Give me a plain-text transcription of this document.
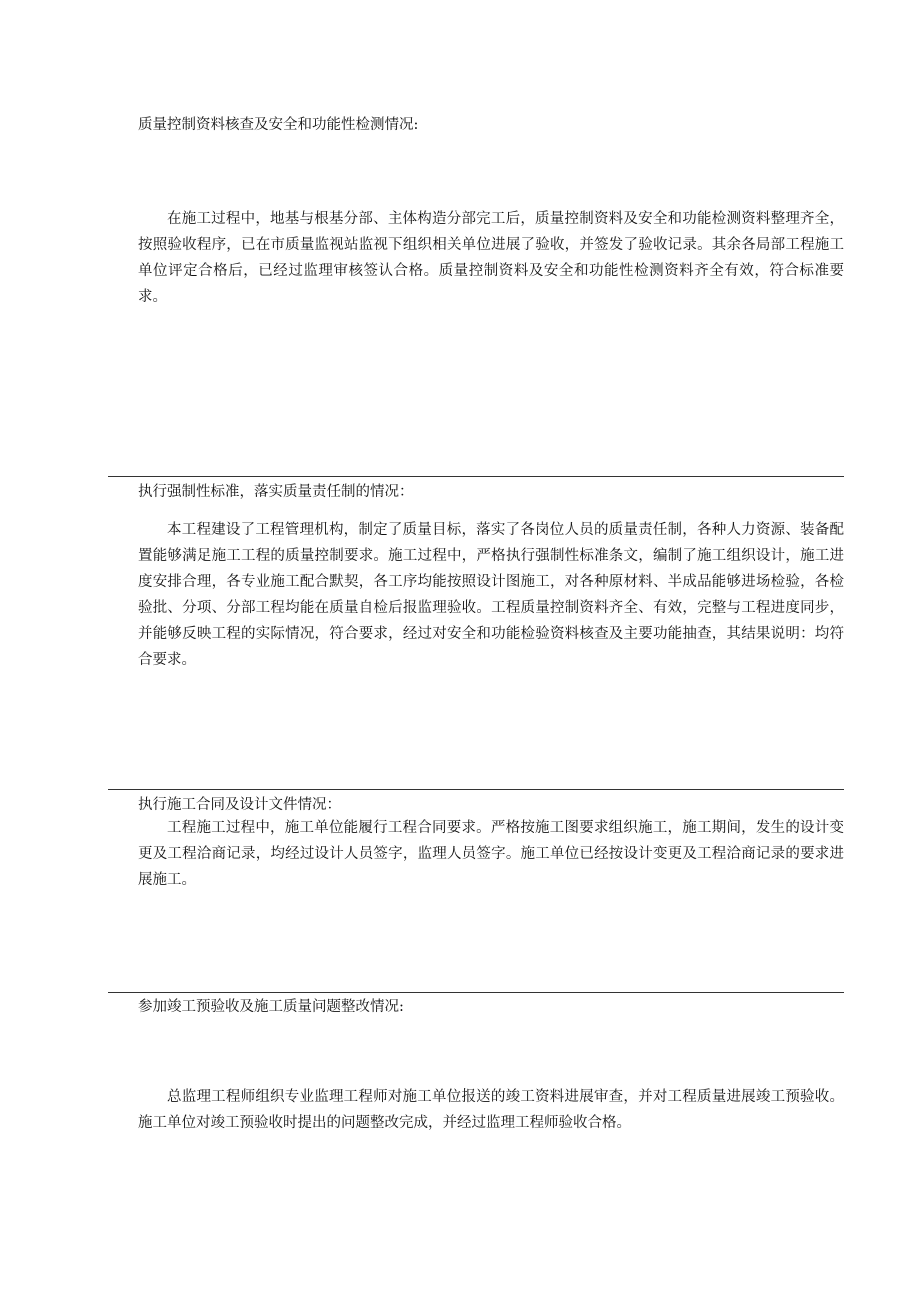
质量控制资料核查及安全和功能性检测情况:
在施工过程中，地基与根基分部、主体构造分部完工后，质量控制资料及安全和功能检测资料整理齐全，按照验收程序，已在市质量监视站监视下组织相关单位进展了验收，并签发了验收记录。其余各局部工程施工单位评定合格后，已经过监理审核签认合格。质量控制资料及安全和功能性检测资料齐全有效，符合标准要求。
执行强制性标准，落实质量责任制的情况：
本工程建设了工程管理机构，制定了质量目标，落实了各岗位人员的质量责任制，各种人力资源、装备配置能够满足施工工程的质量控制要求。施工过程中，严格执行强制性标准条文，编制了施工组织设计，施工进度安排合理，各专业施工配合默契，各工序均能按照设计图施工，对各种原材料、半成品能够进场检验，各检验批、分项、分部工程均能在质量自检后报监理验收。工程质量控制资料齐全、有效，完整与工程进度同步，并能够反映工程的实际情况，符合要求，经过对安全和功能检验资料核查及主要功能抽查，其结果说明：均符合要求。
执行施工合同及设计文件情况：
工程施工过程中，施工单位能履行工程合同要求。严格按施工图要求组织施工，施工期间，发生的设计变更及工程洽商记录，均经过设计人员签字，监理人员签字。施工单位已经按设计变更及工程洽商记录的要求进展施工。
参加竣工预验收及施工质量问题整改情况:
总监理工程师组织专业监理工程师对施工单位报送的竣工资料进展审查，并对工程质量进展竣工预验收。施工单位对竣工预验收时提出的问题整改完成，并经过监理工程师验收合格。
